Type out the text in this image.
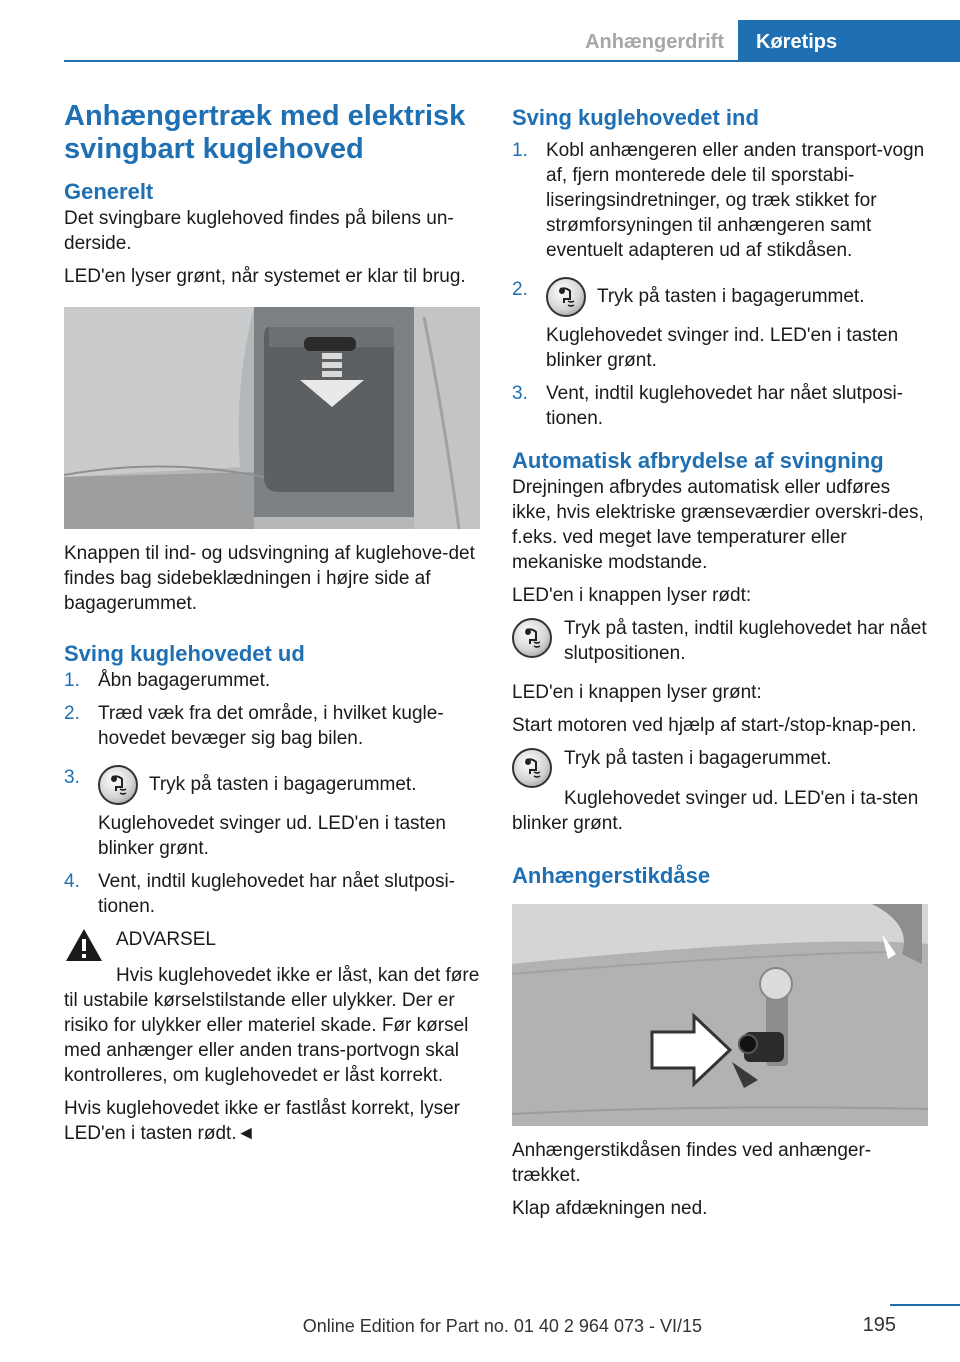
Anhængerdrift	Køretips
Anhængertræk med elektrisk svingbart kuglehoved
Generelt

Det svingbare kuglehoved findes på bilens un-derside.

LED'en lyser grønt, når systemet er klar til brug.

Knappen til ind- og udsvingning af kuglehove-det findes bag sidebeklædningen i højre side af bagagerummet.

Sving kuglehovedet ud
1. Åbn bagagerummet.
2. Træd væk fra det område, i hvilket kugle-hovedet bevæger sig bag bilen.
3.	Tryk på tasten i bagagerummet.
Kuglehovedet svinger ud. LED'en i tasten blinker grønt.
4. Vent, indtil kuglehovedet har nået slutposi-tionen.
ADVARSEL

Hvis kuglehovedet ikke er låst, kan det føre til ustabile kørselstilstande eller ulykker. Der er risiko for ulykker eller materiel skade. Før kørsel med anhænger eller anden trans-portvogn skal kontrolleres, om kuglehovedet er låst korrekt.

Hvis kuglehovedet ikke er fastlåst korrekt, lyser LED'en i tasten rødt.◄

Sving kuglehovedet ind
1. Kobl anhængeren eller anden transport-vogn af, fjern monterede dele til sporstabi-liseringsindretninger, og træk stikket for strømforsyningen til anhængeren samt eventuelt adapteren ud af stikdåsen.
2.	Tryk på tasten i bagagerummet.
Kuglehovedet svinger ind. LED'en i tasten blinker grønt.
3. Vent, indtil kuglehovedet har nået slutposi-tionen.
Automatisk afbrydelse af svingning

Drejningen afbrydes automatisk eller udføres ikke, hvis elektriske grænseværdier overskri-des, f.eks. ved meget lave temperaturer eller mekaniske modstande.

LED'en i knappen lyser rødt:

Tryk på tasten, indtil kuglehovedet har nået slutpositionen.

LED'en i knappen lyser grønt:

Start motoren ved hjælp af start-/stop-knap-pen.

Tryk på tasten i bagagerummet.

Kuglehovedet svinger ud. LED'en i ta-sten blinker grønt.

Anhængerstikdåse

Anhængerstikdåsen findes ved anhænger-trækket.

Klap afdækningen ned.

195
Online Edition for Part no. 01 40 2 964 073 - VI/15
